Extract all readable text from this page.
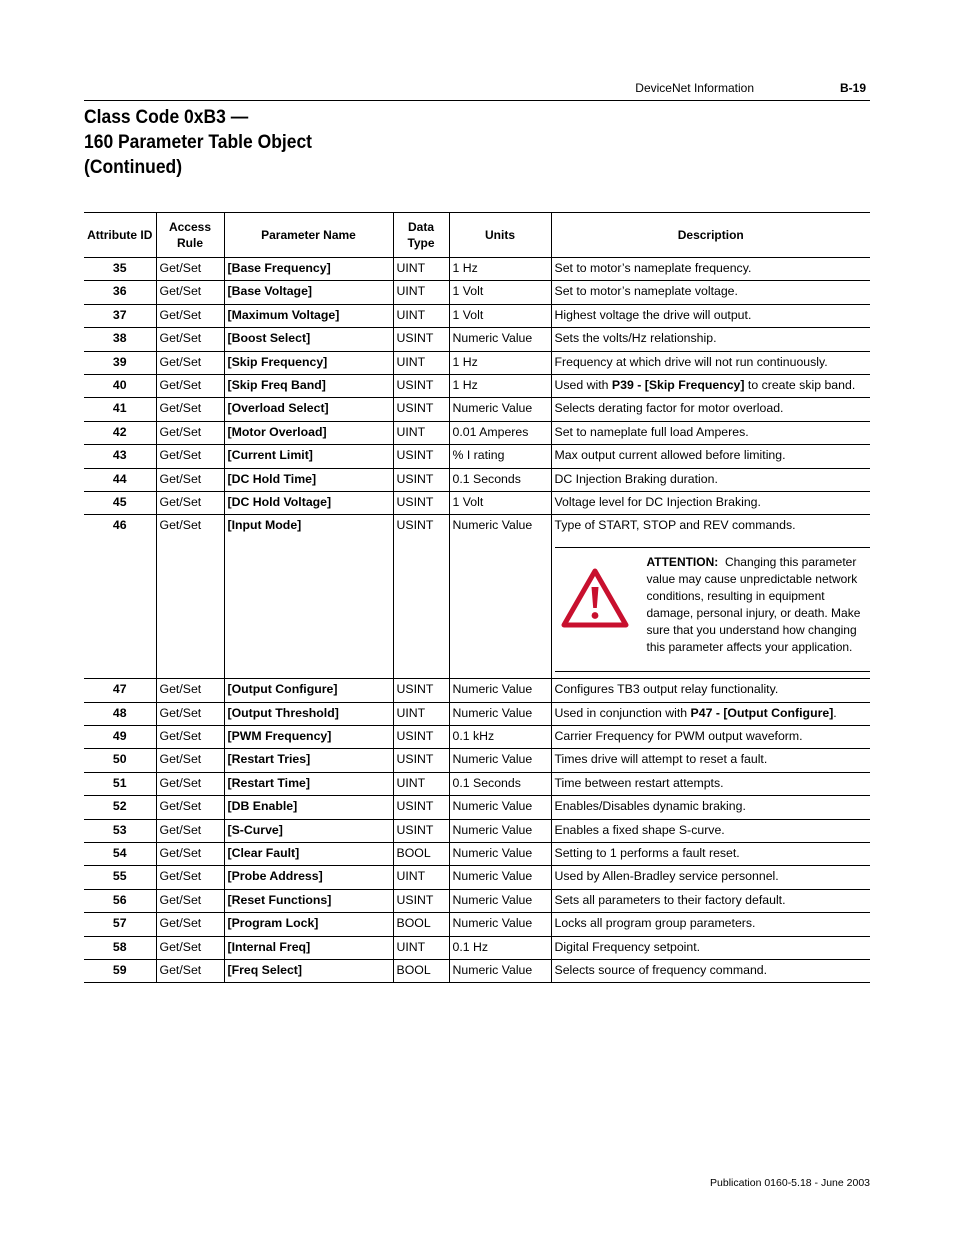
DeviceNet Information	B-19
Class Code 0xB3 —
160 Parameter Table Object
(Continued)
Attribute ID	Access Rule	Parameter Name	Data Type	Units	Description
35	Get/Set	[Base Frequency]	UINT	1 Hz	Set to motor’s nameplate frequency.
36	Get/Set	[Base Voltage]	UINT	1 Volt	Set to motor’s nameplate voltage.
37	Get/Set	[Maximum Voltage]	UINT	1 Volt	Highest voltage the drive will output.
38	Get/Set	[Boost Select]	USINT	Numeric Value	Sets the volts/Hz relationship.
39	Get/Set	[Skip Frequency]	UINT	1 Hz	Frequency at which drive will not run continuously.
40	Get/Set	[Skip Freq Band]	USINT	1 Hz	Used with P39 - [Skip Frequency] to create skip band.
41	Get/Set	[Overload Select]	USINT	Numeric Value	Selects derating factor for motor overload.
42	Get/Set	[Motor Overload]	UINT	0.01 Amperes	Set to nameplate full load Amperes.
43	Get/Set	[Current Limit]	USINT	% I rating	Max output current allowed before limiting.
44	Get/Set	[DC Hold Time]	USINT	0.1 Seconds	DC Injection Braking duration.
45	Get/Set	[DC Hold Voltage]	USINT	1 Volt	Voltage level for DC Injection Braking.
46	Get/Set	[Input Mode]	USINT	Numeric Value	Type of START, STOP and REV commands.
ATTENTION: Changing this parameter value may cause unpredictable network conditions, resulting in equipment damage, personal injury, or death. Make sure that you understand how changing this parameter affects your application.

47	Get/Set	[Output Configure]	USINT	Numeric Value	Configures TB3 output relay functionality.
48	Get/Set	[Output Threshold]	UINT	Numeric Value	Used in conjunction with P47 - [Output Configure].
49	Get/Set	[PWM Frequency]	USINT	0.1 kHz	Carrier Frequency for PWM output waveform.
50	Get/Set	[Restart Tries]	USINT	Numeric Value	Times drive will attempt to reset a fault.
51	Get/Set	[Restart Time]	UINT	0.1 Seconds	Time between restart attempts.
52	Get/Set	[DB Enable]	USINT	Numeric Value	Enables/Disables dynamic braking.
53	Get/Set	[S-Curve]	USINT	Numeric Value	Enables a fixed shape S-curve.
54	Get/Set	[Clear Fault]	BOOL	Numeric Value	Setting to 1 performs a fault reset.
55	Get/Set	[Probe Address]	UINT	Numeric Value	Used by Allen-Bradley service personnel.
56	Get/Set	[Reset Functions]	USINT	Numeric Value	Sets all parameters to their factory default.
57	Get/Set	[Program Lock]	BOOL	Numeric Value	Locks all program group parameters.
58	Get/Set	[Internal Freq]	UINT	0.1 Hz	Digital Frequency setpoint.
59	Get/Set	[Freq Select]	BOOL	Numeric Value	Selects source of frequency command.
Publication 0160-5.18 - June 2003
